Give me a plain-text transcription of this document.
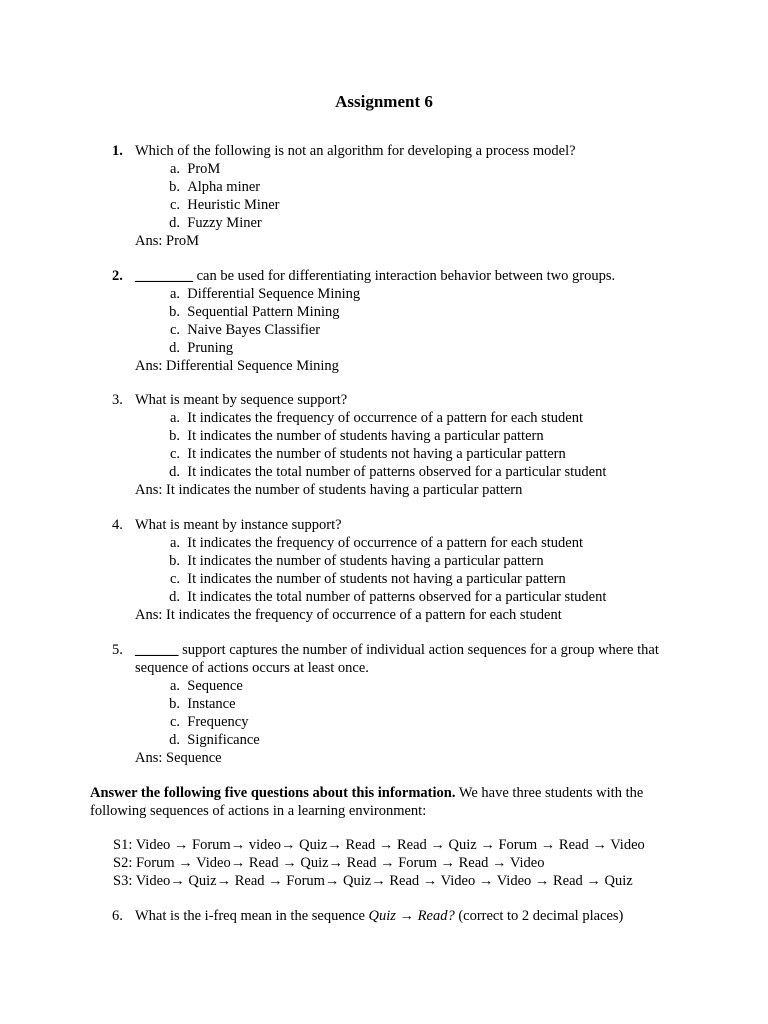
Assignment 6
1. Which of the following is not an algorithm for developing a process model?
a.
ProM
b.
Alpha miner
c.
Heuristic Miner
d.
Fuzzy Miner
Ans: ProM
2. ________ can be used for differentiating interaction behavior between two groups.
a.
Differential Sequence Mining
b.
Sequential Pattern Mining
c.
Naive Bayes Classifier
d.
Pruning
Ans: Differential Sequence Mining
3. What is meant by sequence support?
a.
It indicates the frequency of occurrence of a pattern for each student
b.
It indicates the number of students having a particular pattern
c.
It indicates the number of students not having a particular pattern
d.
It indicates the total number of patterns observed for a particular student
Ans: It indicates the number of students having a particular pattern
4. What is meant by instance support?
a.
It indicates the frequency of occurrence of a pattern for each student
b.
It indicates the number of students having a particular pattern
c.
It indicates the number of students not having a particular pattern
d.
It indicates the total number of patterns observed for a particular student
Ans: It indicates the frequency of occurrence of a pattern for each student
5. ______ support captures the number of individual action sequences for a group where that sequence of actions occurs at least once.
a.
Sequence
b.
Instance
c.
Frequency
d.
Significance
Ans: Sequence
Answer the following five questions about this information. We have three students with the following sequences of actions in a learning environment:
S1: Video → Forum→ video→ Quiz→ Read → Read → Quiz → Forum → Read → Video
S2: Forum → Video→ Read → Quiz→ Read → Forum → Read → Video
S3: Video→ Quiz→ Read → Forum→ Quiz→ Read → Video → Video → Read → Quiz
6. What is the i-freq mean in the sequence Quiz → Read? (correct to 2 decimal places)
